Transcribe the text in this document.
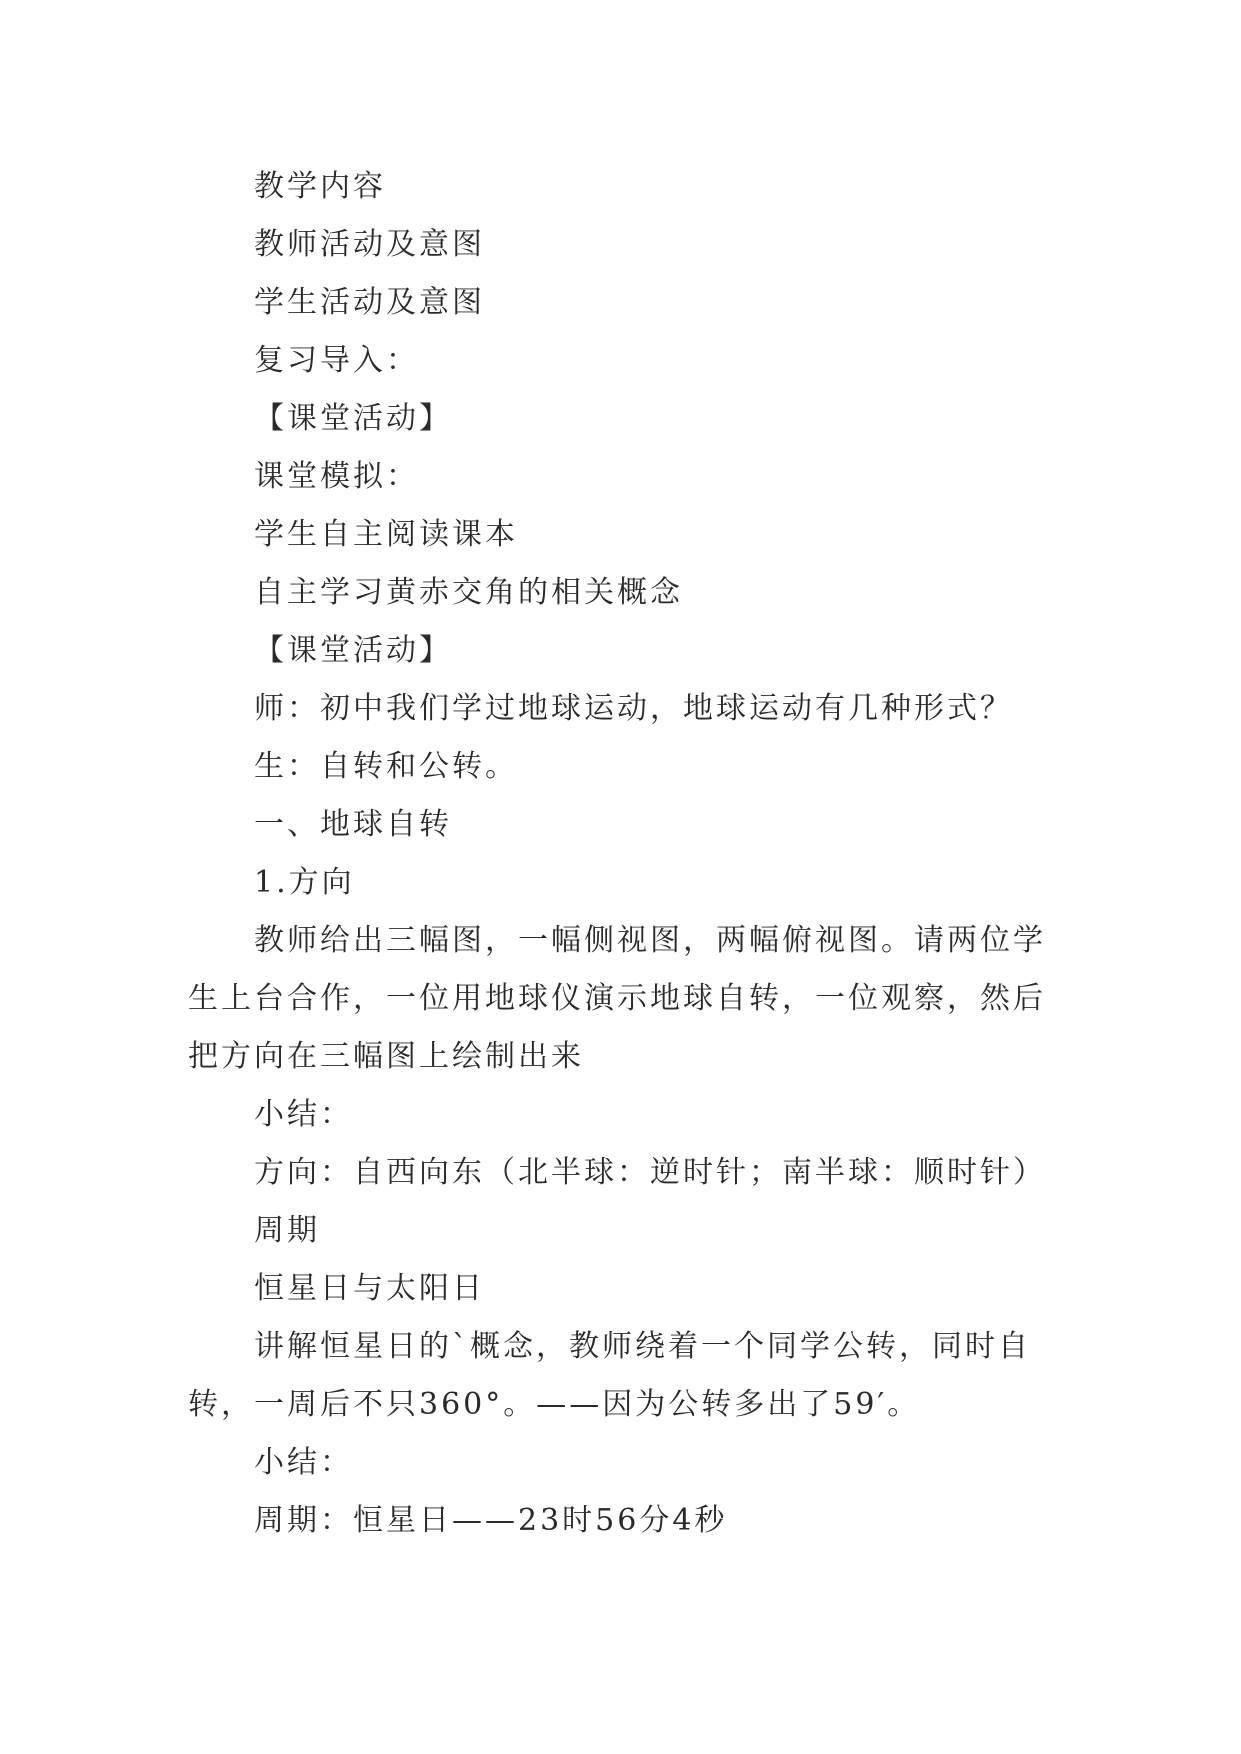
教学内容

教师活动及意图

学生活动及意图

复习导入：

【课堂活动】

课堂模拟：

学生自主阅读课本

自主学习黄赤交角的相关概念

【课堂活动】

师：初中我们学过地球运动，地球运动有几种形式？

生：自转和公转。

一、地球自转

1.方向

教师给出三幅图，一幅侧视图，两幅俯视图。请两位学生上台合作，一位用地球仪演示地球自转，一位观察，然后把方向在三幅图上绘制出来

小结：

方向：自西向东（北半球：逆时针；南半球：顺时针）

周期

恒星日与太阳日

讲解恒星日的`概念，教师绕着一个同学公转，同时自转，一周后不只360°。——因为公转多出了59′。

小结：

周期：恒星日——23时56分4秒
